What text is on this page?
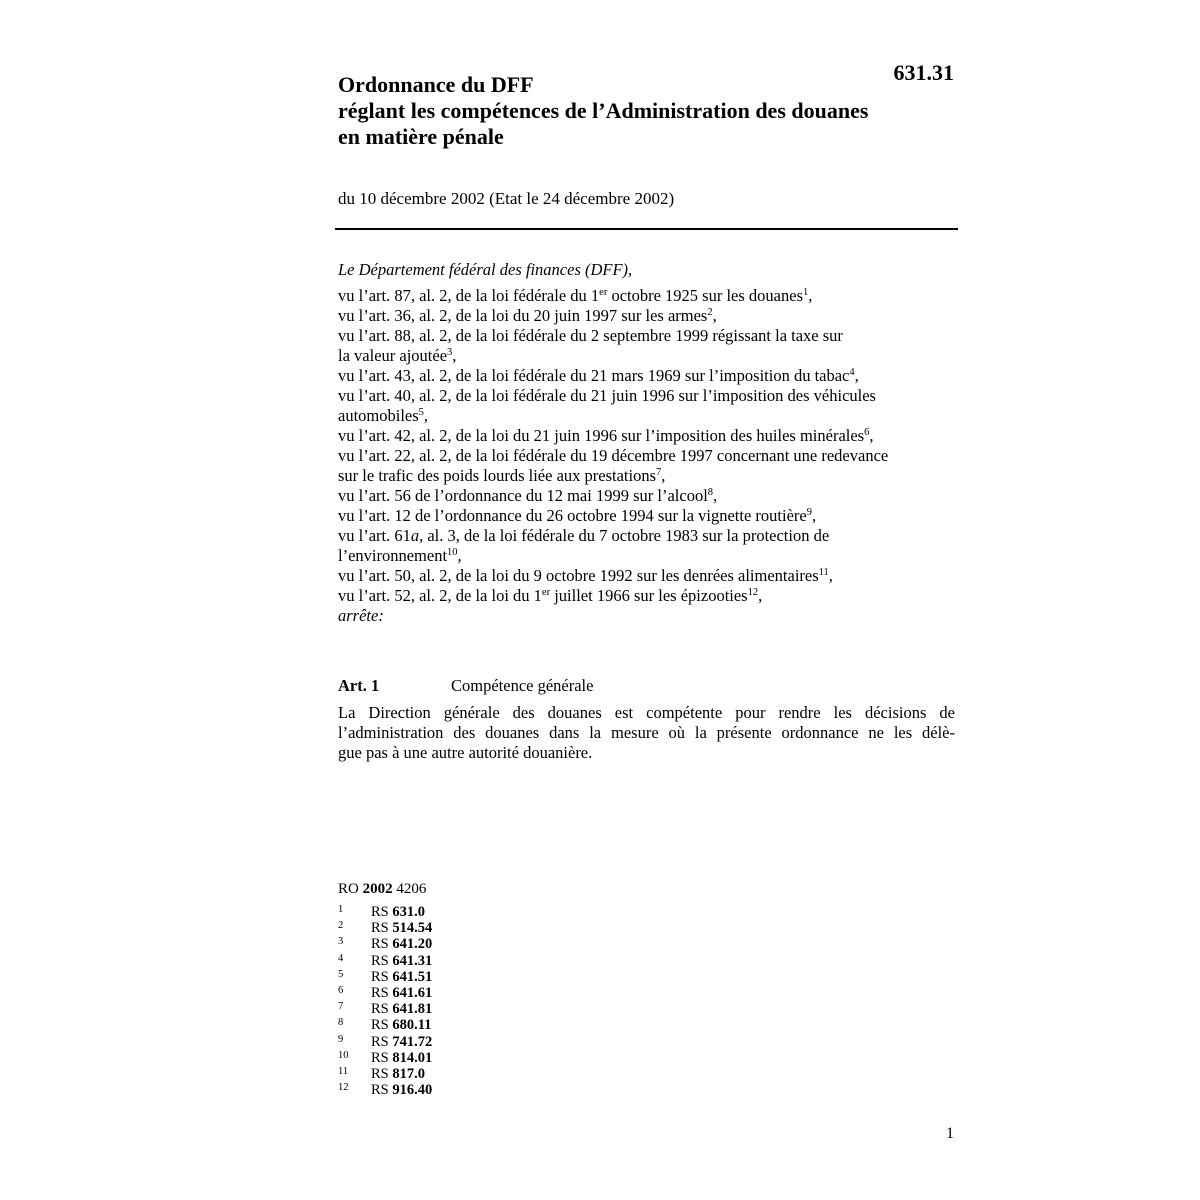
631.31
Ordonnance du DFF
réglant les compétences de l’Administration des douanes
en matière pénale
du 10 décembre 2002 (Etat le 24 décembre 2002)
Le Département fédéral des finances (DFF),
vu l’art. 87, al. 2, de la loi fédérale du 1er octobre 1925 sur les douanes$^1$,
vu l’art. 36, al. 2, de la loi du 20 juin 1997 sur les armes$^2$,
vu l’art. 88, al. 2, de la loi fédérale du 2 septembre 1999 régissant la taxe sur
la valeur ajoutée$^3$,
vu l’art. 43, al. 2, de la loi fédérale du 21 mars 1969 sur l’imposition du tabac$^4$,
vu l’art. 40, al. 2, de la loi fédérale du 21 juin 1996 sur l’imposition des véhicules
automobiles$^5$,
vu l’art. 42, al. 2, de la loi du 21 juin 1996 sur l’imposition des huiles minérales$^6$,
vu l’art. 22, al. 2, de la loi fédérale du 19 décembre 1997 concernant une redevance
sur le trafic des poids lourds liée aux prestations$^7$,
vu l’art. 56 de l’ordonnance du 12 mai 1999 sur l’alcool$^8$,
vu l’art. 12 de l’ordonnance du 26 octobre 1994 sur la vignette routière$^9$,
vu l’art. 61a, al. 3, de la loi fédérale du 7 octobre 1983 sur la protection de
l’environnement$^{10}$,
vu l’art. 50, al. 2, de la loi du 9 octobre 1992 sur les denrées alimentaires$^{11}$,
vu l’art. 52, al. 2, de la loi du 1er juillet 1966 sur les épizooties$^{12}$,
arrête:
Art. 1	Compétence générale
La Direction générale des douanes est compétente pour rendre les décisions de
l’administration des douanes dans la mesure où la présente ordonnance ne les délè-
gue pas à une autre autorité douanière.
RO 2002 4206
1 RS 631.0
2 RS 514.54
3 RS 641.20
4 RS 641.31
5 RS 641.51
6 RS 641.61
7 RS 641.81
8 RS 680.11
9 RS 741.72
10 RS 814.01
11 RS 817.0
12 RS 916.40
1
